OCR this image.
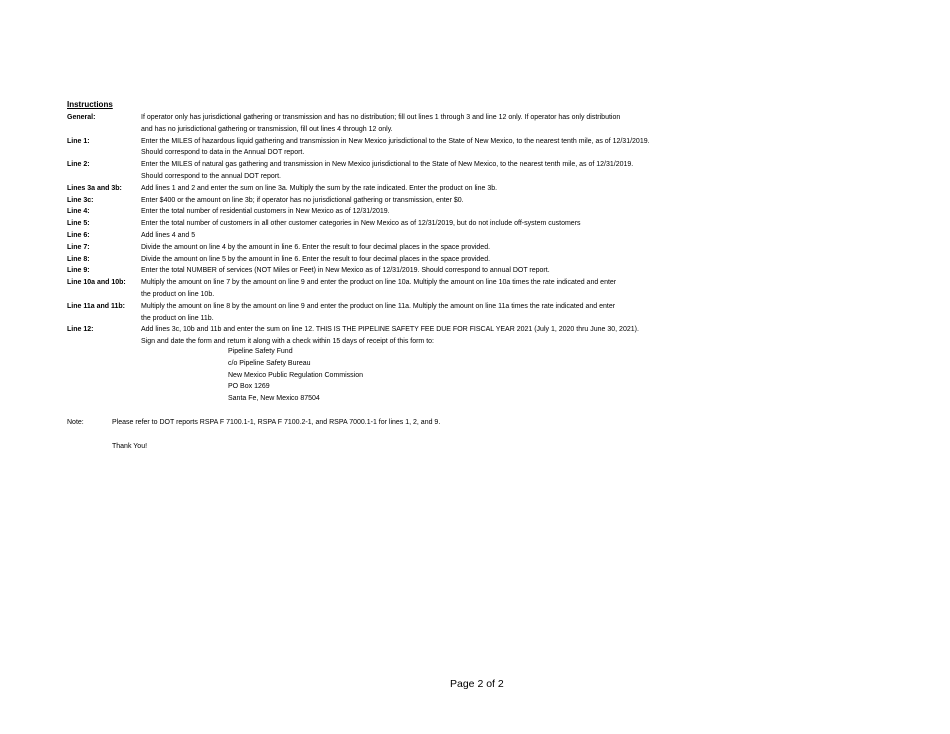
Instructions
General:	If operator only has jurisdictional gathering or transmission and has no distribution; fill out lines 1 through 3 and line 12 only. If operator has only distribution
and has no jurisdictional gathering or transmission, fill out lines 4 through 12 only.

Line 1:	Enter the MILES of hazardous liquid gathering and transmission in New Mexico jurisdictional to the State of New Mexico, to the nearest tenth mile, as of 12/31/2019.
Should correspond to data in the Annual DOT report.

Line 2:	Enter the MILES of natural gas gathering and transmission in New Mexico jurisdictional to the State of New Mexico, to the nearest tenth mile, as of 12/31/2019.
Should correspond to the annual DOT report.

Lines 3a and 3b:	Add lines 1 and 2 and enter the sum on line 3a. Multiply the sum by the rate indicated. Enter the product on line 3b.

Line 3c:	Enter $400 or the amount on line 3b; if operator has no jurisdictional gathering or transmission, enter $0.

Line 4:	Enter the total number of residential customers in New Mexico as of 12/31/2019.

Line 5:	Enter the total number of customers in all other customer categories in New Mexico as of 12/31/2019, but do not include off-system customers

Line 6:	Add lines 4 and 5

Line 7:	Divide the amount on line 4 by the amount in line 6. Enter the result to four decimal places in the space provided.

Line 8:	Divide the amount on line 5 by the amount in line 6. Enter the result to four decimal places in the space provided.

Line 9:	Enter the total NUMBER of services (NOT Miles or Feet) in New Mexico as of 12/31/2019. Should correspond to annual DOT report.

Line 10a and 10b:	Multiply the amount on line 7 by the amount on line 9 and enter the product on line 10a. Multiply the amount on line 10a times the rate indicated and enter
the product on line 10b.

Line 11a and 11b:	Multiply the amount on line 8 by the amount on line 9 and enter the product on line 11a. Multiply the amount on line 11a times the rate indicated and enter
the product on line 11b.

Line 12:	Add lines 3c, 10b and 11b and enter the sum on line 12. THIS IS THE PIPELINE SAFETY FEE DUE FOR FISCAL YEAR 2021 (July 1, 2020 thru June 30, 2021).
Sign and date the form and return it along with a check within 15 days of receipt of this form to:
Pipeline Safety Fund
c/o Pipeline Safety Bureau
New Mexico Public Regulation Commission
PO Box 1269
Santa Fe, New Mexico 87504
Note:	Please refer to DOT reports RSPA F 7100.1-1, RSPA F 7100.2-1, and RSPA 7000.1-1 for lines 1, 2, and 9.
Thank You!
Page 2 of 2
